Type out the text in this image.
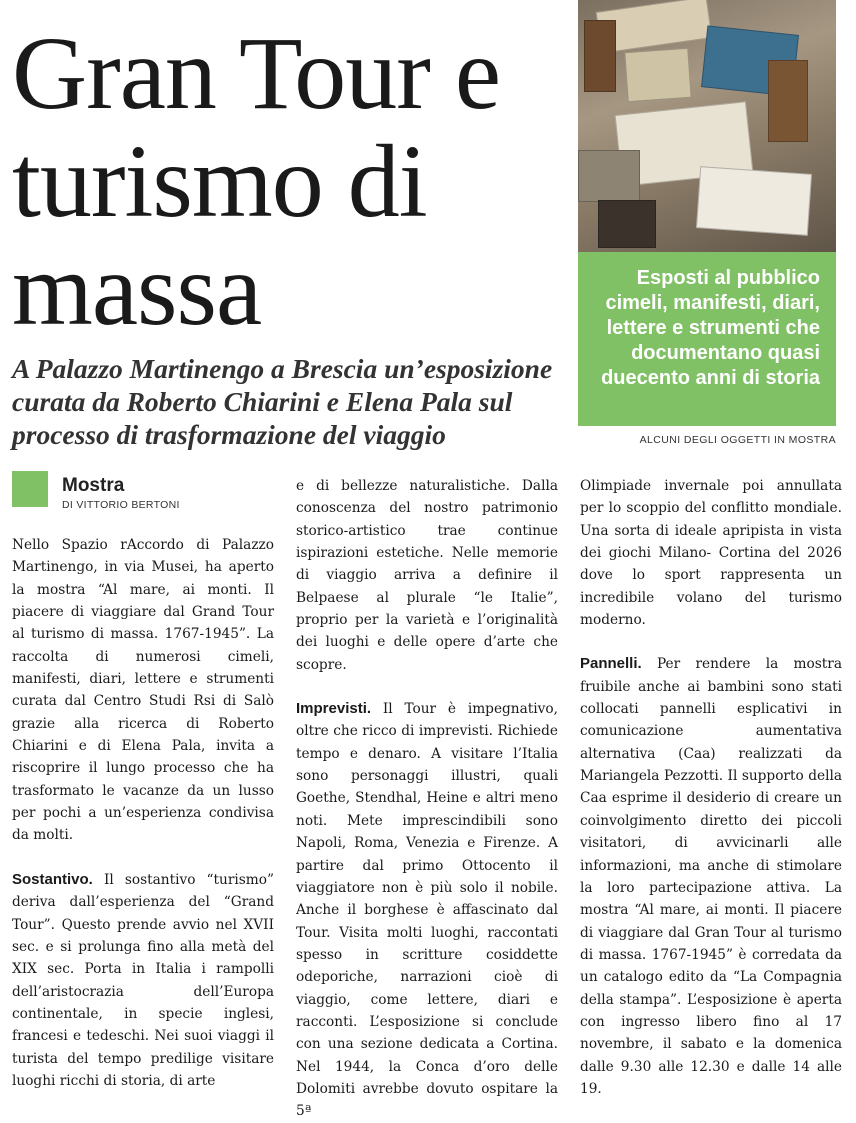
Gran Tour e turismo di massa	Esposti al pubblico cimeli, manifesti, diari, lettere e strumenti che documentano quasi duecento anni di storia
ALCUNI DEGLI OGGETTI IN MOSTRA
A Palazzo Martinengo a Brescia un’esposizione curata da Roberto Chiarini e Elena Pala sul processo di trasformazione del viaggio
Mostra
DI VITTORIO BERTONI

Nello Spazio rAccordo di Palazzo Martinengo, in via Musei, ha aperto la mostra “Al mare, ai monti. Il piacere di viaggiare dal Grand Tour al turismo di massa. 1767-1945”. La raccolta di numerosi cimeli, manifesti, diari, lettere e strumenti curata dal Centro Studi Rsi di Salò grazie alla ricerca di Roberto Chiarini e di Elena Pala, invita a riscoprire il lungo processo che ha trasformato le vacanze da un lusso per pochi a un’esperienza condivisa da molti.

Sostantivo. Il sostantivo “turismo” deriva dall’esperienza del “Grand Tour”. Questo prende avvio nel XVII sec. e si prolunga fino alla metà del XIX sec. Porta in Italia i rampolli dell’aristocrazia dell’Europa continentale, in specie inglesi, francesi e tedeschi. Nei suoi viaggi il turista del tempo predilige visitare luoghi ricchi di storia, di arte

e di bellezze naturalistiche. Dalla conoscenza del nostro patrimonio storico-artistico trae continue ispirazioni estetiche. Nelle memorie di viaggio arriva a definire il Belpaese al plurale “le Italie”, proprio per la varietà e l’originalità dei luoghi e delle opere d’arte che scopre.

Imprevisti. Il Tour è impegnativo, oltre che ricco di imprevisti. Richiede tempo e denaro. A visitare l’Italia sono personaggi illustri, quali Goethe, Stendhal, Heine e altri meno noti. Mete imprescindibili sono Napoli, Roma, Venezia e Firenze. A partire dal primo Ottocento il viaggiatore non è più solo il nobile. Anche il borghese è affascinato dal Tour. Visita molti luoghi, raccontati spesso in scritture cosiddette odeporiche, narrazioni cioè di viaggio, come lettere, diari e racconti. L’esposizione si conclude con una sezione dedicata a Cortina. Nel 1944, la Conca d’oro delle Dolomiti avrebbe dovuto ospitare la 5ª

Olimpiade invernale poi annullata per lo scoppio del conflitto mondiale. Una sorta di ideale apripista in vista dei giochi Milano- Cortina del 2026 dove lo sport rappresenta un incredibile volano del turismo moderno.

Pannelli. Per rendere la mostra fruibile anche ai bambini sono stati collocati pannelli esplicativi in comunicazione aumentativa alternativa (Caa) realizzati da Mariangela Pezzotti. Il supporto della Caa esprime il desiderio di creare un coinvolgimento diretto dei piccoli visitatori, di avvicinarli alle informazioni, ma anche di stimolare la loro partecipazione attiva. La mostra “Al mare, ai monti. Il piacere di viaggiare dal Gran Tour al turismo di massa. 1767-1945” è corredata da un catalogo edito da “La Compagnia della stampa”. L’esposizione è aperta con ingresso libero fino al 17 novembre, il sabato e la domenica dalle 9.30 alle 12.30 e dalle 14 alle 19.
